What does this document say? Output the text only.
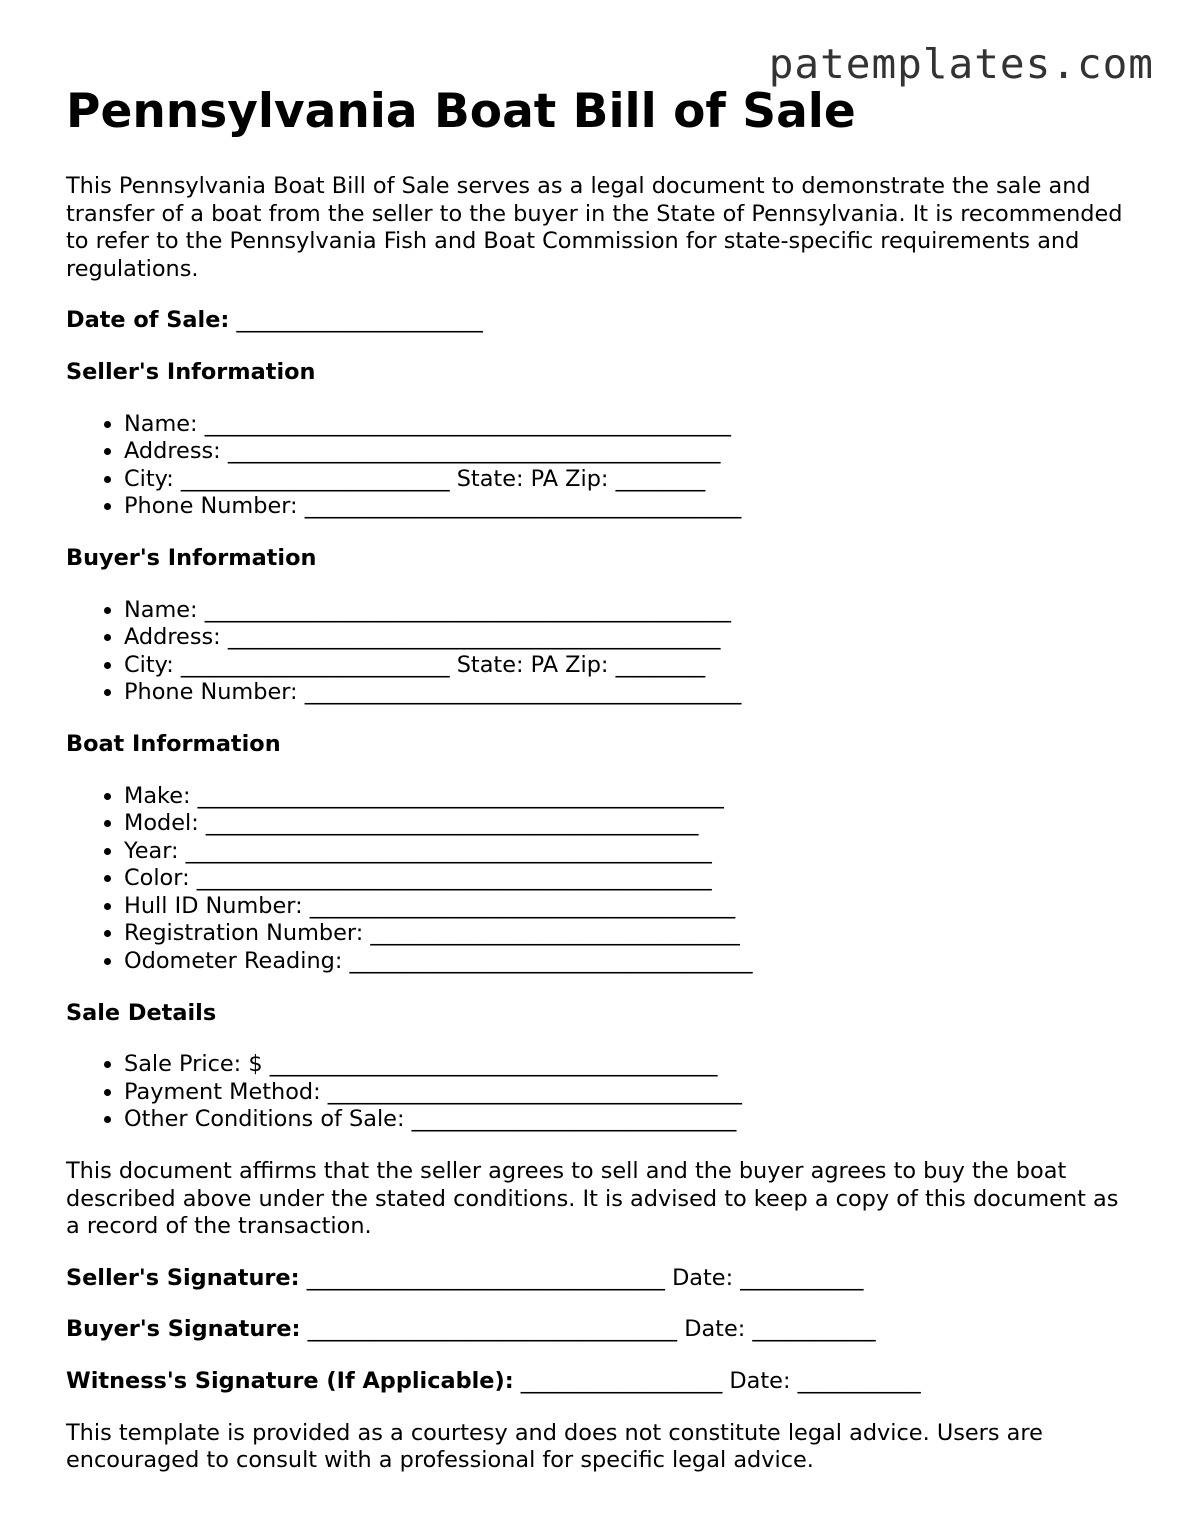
patemplates.com
Pennsylvania Boat Bill of Sale

This Pennsylvania Boat Bill of Sale serves as a legal document to demonstrate the sale and transfer of a boat from the seller to the buyer in the State of Pennsylvania. It is recommended to refer to the Pennsylvania Fish and Boat Commission for state-specific requirements and regulations.

Date of Sale: ______________________
Seller's Information
• Name: _______________________________________________
• Address: ____________________________________________
• City: ________________________ State: PA Zip: ________
• Phone Number: _______________________________________
Buyer's Information
• Name: _______________________________________________
• Address: ____________________________________________
• City: ________________________ State: PA Zip: ________
• Phone Number: _______________________________________
Boat Information
• Make: _______________________________________________
• Model: ____________________________________________
• Year: _______________________________________________
• Color: ______________________________________________
• Hull ID Number: ______________________________________
• Registration Number: _________________________________
• Odometer Reading: ____________________________________
Sale Details
• Sale Price: $ ________________________________________
• Payment Method: _____________________________________
• Other Conditions of Sale: _____________________________

This document affirms that the seller agrees to sell and the buyer agrees to buy the boat described above under the stated conditions. It is advised to keep a copy of this document as a record of the transaction.

Seller's Signature: ________________________________ Date: ___________
Buyer's Signature: _________________________________ Date: ___________
Witness's Signature (If Applicable): __________________ Date: ___________

This template is provided as a courtesy and does not constitute legal advice. Users are encouraged to consult with a professional for specific legal advice.
